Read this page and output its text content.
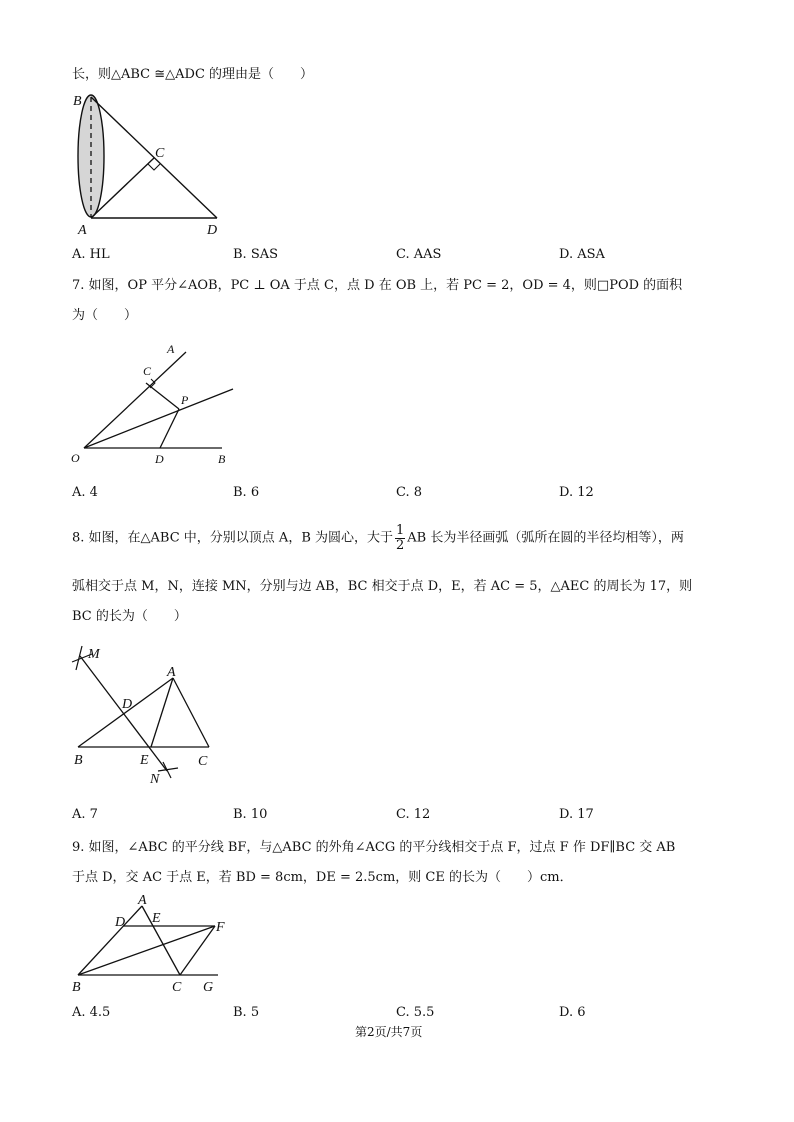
长，则△ABC ≅△ADC 的理由是（　　）
B
C
A	D
A. HL	B. SAS	C. AAS	D. ASA
7. 如图，OP 平分∠AOB，PC ⊥ OA 于点 C，点 D 在 OB 上，若 PC = 2，OD = 4，则□POD 的面积
为（　　）
A
C
P
O	D	B
A. 4	B. 6	C. 8	D. 12
8. 如图，在△ABC 中，分别以顶点 A，B 为圆心，大于 $\frac{1}{2}$ AB 长为半径画弧（弧所在圆的半径均相等），两
弧相交于点 M，N，连接 MN，分别与边 AB，BC 相交于点 D，E，若 AC = 5，△AEC 的周长为 17，则
BC 的长为（　　）
M
A
D
B	E	C
N
A. 7	B. 10	C. 12	D. 17
9. 如图，∠ABC 的平分线 BF，与△ABC 的外角∠ACG 的平分线相交于点 F，过点 F 作 DF∥BC 交 AB
于点 D，交 AC 于点 E，若 BD = 8cm，DE = 2.5cm，则 CE 的长为（　　）cm．
A
D E
F
B	C G
A. 4.5	B. 5	C. 5.5	D. 6
第2页/共7页
